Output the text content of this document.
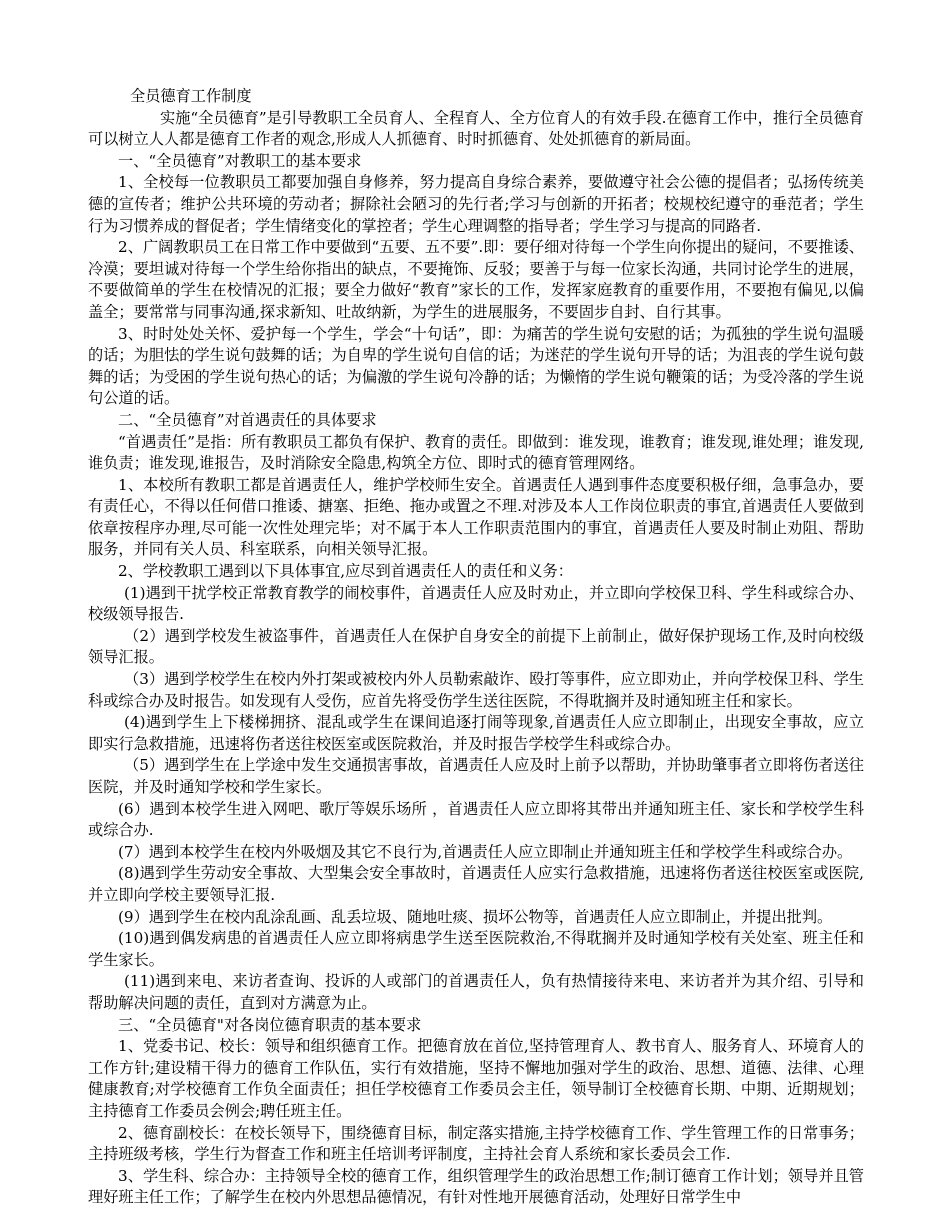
全员德育工作制度

实施“全员德育”是引导教职工全员育人、全程育人、全方位育人的有效手段.在德育工作中，推行全员德育可以树立人人都是德育工作者的观念,形成人人抓德育、时时抓德育、处处抓德育的新局面。

一、“全员德育”对教职工的基本要求

1、全校每一位教职员工都要加强自身修养，努力提高自身综合素养，要做遵守社会公德的提倡者；弘扬传统美德的宣传者；维护公共环境的劳动者；摒除社会陋习的先行者;学习与创新的开拓者；校规校纪遵守的垂范者；学生行为习惯养成的督促者；学生情绪变化的掌控者；学生心理调整的指导者；学生学习与提高的同路者.

2、广阔教职员工在日常工作中要做到“五要、五不要”.即：要仔细对待每一个学生向你提出的疑问，不要推诿、冷漠；要坦诚对待每一个学生给你指出的缺点，不要掩饰、反驳；要善于与每一位家长沟通，共同讨论学生的进展，不要做简单的学生在校情况的汇报；要全力做好“教育”家长的工作，发挥家庭教育的重要作用，不要抱有偏见,以偏盖全；要常常与同事沟通,探求新知、吐故纳新，为学生的进展服务，不要固步自封、自行其事。

3、时时处处关怀、爱护每一个学生，学会“十句话”，即：为痛苦的学生说句安慰的话；为孤独的学生说句温暖的话；为胆怯的学生说句鼓舞的话；为自卑的学生说句自信的话；为迷茫的学生说句开导的话；为沮丧的学生说句鼓舞的话；为受困的学生说句热心的话；为偏激的学生说句冷静的话；为懒惰的学生说句鞭策的话；为受冷落的学生说句公道的话。

二、“全员德育”对首遇责任的具体要求

“首遇责任”是指：所有教职员工都负有保护、教育的责任。即做到：谁发现，谁教育；谁发现,谁处理；谁发现,谁负责；谁发现,谁报告，及时消除安全隐患,构筑全方位、即时式的德育管理网络。

1、本校所有教职工都是首遇责任人，维护学校师生安全。首遇责任人遇到事件态度要积极仔细，急事急办，要有责任心，不得以任何借口推诿、搪塞、拒绝、拖办或置之不理.对涉及本人工作岗位职责的事宜,首遇责任人要做到依章按程序办理,尽可能一次性处理完毕；对不属于本人工作职责范围内的事宜，首遇责任人要及时制止劝阻、帮助服务，并同有关人员、科室联系，向相关领导汇报。

2、学校教职工遇到以下具体事宜,应尽到首遇责任人的责任和义务：

(1)遇到干扰学校正常教育教学的闹校事件，首遇责任人应及时劝止，并立即向学校保卫科、学生科或综合办、校级领导报告.

（2）遇到学校发生被盗事件，首遇责任人在保护自身安全的前提下上前制止，做好保护现场工作,及时向校级领导汇报。

（3）遇到学校学生在校内外打架或被校内外人员勒索敲诈、殴打等事件，应立即劝止，并向学校保卫科、学生科或综合办及时报告。如发现有人受伤，应首先将受伤学生送往医院，不得耽搁并及时通知班主任和家长。

(4)遇到学生上下楼梯拥挤、混乱或学生在课间追逐打闹等现象,首遇责任人应立即制止，出现安全事故，应立即实行急救措施，迅速将伤者送往校医室或医院救治，并及时报告学校学生科或综合办。

（5）遇到学生在上学途中发生交通损害事故，首遇责任人应及时上前予以帮助，并协助肇事者立即将伤者送往医院，并及时通知学校和学生家长。

(6）遇到本校学生进入网吧、歌厅等娱乐场所 ，首遇责任人应立即将其带出并通知班主任、家长和学校学生科或综合办.

(7）遇到本校学生在校内外吸烟及其它不良行为,首遇责任人应立即制止并通知班主任和学校学生科或综合办。

(8)遇到学生劳动安全事故、大型集会安全事故时，首遇责任人应实行急救措施，迅速将伤者送往校医室或医院,并立即向学校主要领导汇报.

(9）遇到学生在校内乱涂乱画、乱丢垃圾、随地吐痰、损坏公物等，首遇责任人应立即制止，并提出批判。

(10)遇到偶发病患的首遇责任人应立即将病患学生送至医院救治,不得耽搁并及时通知学校有关处室、班主任和学生家长。

(11)遇到来电、来访者查询、投诉的人或部门的首遇责任人，负有热情接待来电、来访者并为其介绍、引导和帮助解决问题的责任，直到对方满意为止。

三、“全员德育"对各岗位德育职责的基本要求

1、党委书记、校长：领导和组织德育工作。把德育放在首位,坚持管理育人、教书育人、服务育人、环境育人的工作方针;建设精干得力的德育工作队伍，实行有效措施，坚持不懈地加强对学生的政治、思想、道德、法律、心理健康教育;对学校德育工作负全面责任；担任学校德育工作委员会主任，领导制订全校德育长期、中期、近期规划；主持德育工作委员会例会;聘任班主任。

2、德育副校长：在校长领导下，围绕德育目标，制定落实措施,主持学校德育工作、学生管理工作的日常事务；主持班级考核，学生行为督查工作和班主任培训考评制度，主持社会育人系统和家长委员会工作.

3、学生科、综合办：主持领导全校的德育工作，组织管理学生的政治思想工作;制订德育工作计划；领导并且管理好班主任工作；了解学生在校内外思想品德情况，有针对性地开展德育活动，处理好日常学生中
